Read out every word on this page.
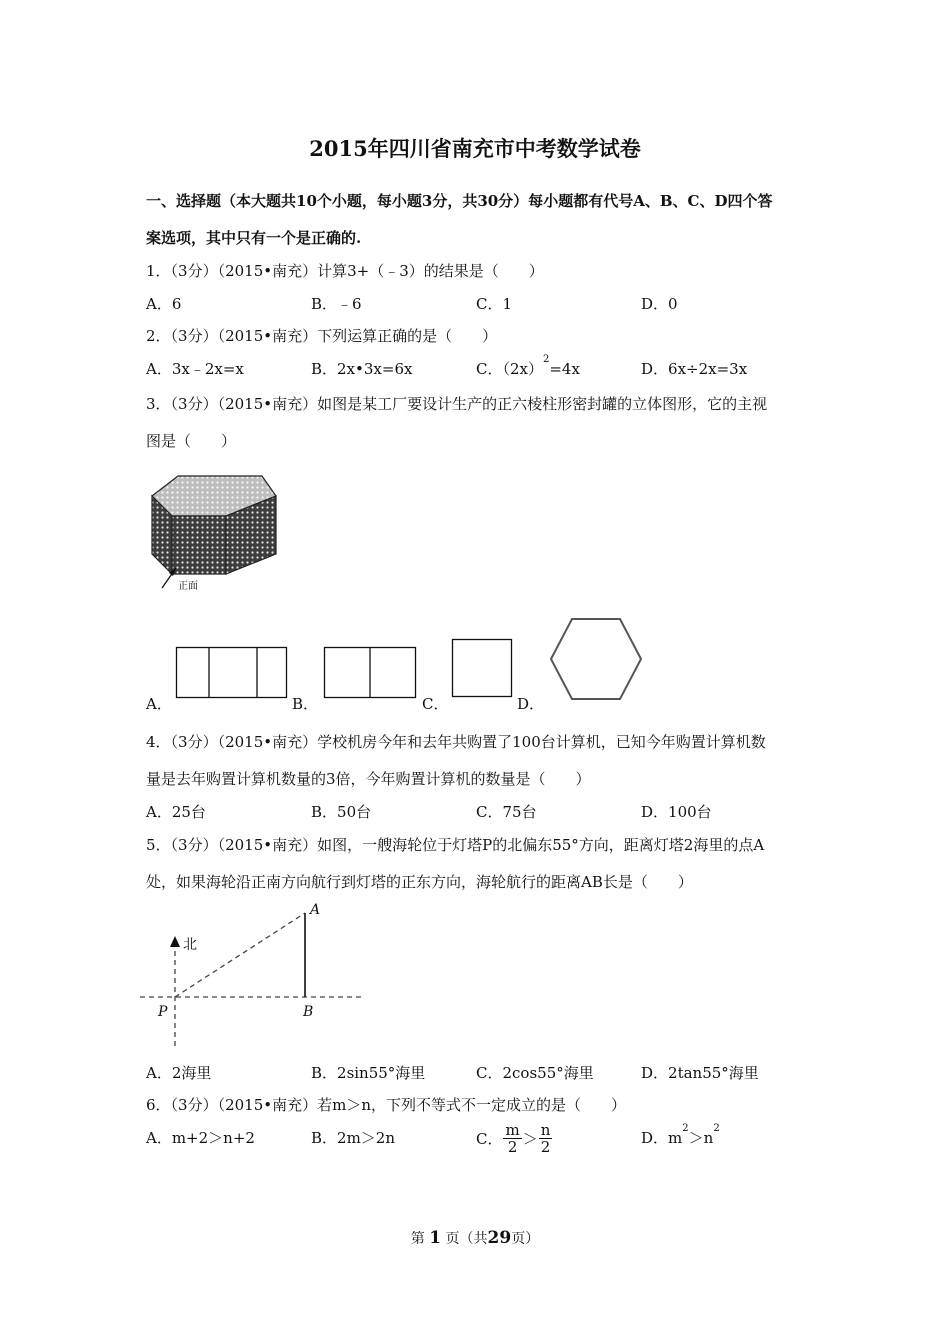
2015年四川省南充市中考数学试卷
一、选择题（本大题共10个小题，每小题3分，共30分）每小题都有代号A、B、C、D四个答
案选项，其中只有一个是正确的.
1．（3分）（2015•南充）计算3+（﹣3）的结果是（　　）
A．6	B．﹣6	C．1	D．0
2．（3分）（2015•南充）下列运算正确的是（　　）
A．3x﹣2x=x	B．2x•3x=6x	C．$(2x)^2=4x$	D．6x÷2x=3x
3．（3分）（2015•南充）如图是某工厂要设计生产的正六棱柱形密封罐的立体图形，它的主视
图是（　　）
正面
A．	B．	C．	D．
4．（3分）（2015•南充）学校机房今年和去年共购置了100台计算机，已知今年购置计算机数
量是去年购置计算机数量的3倍，今年购置计算机的数量是（　　）
A．25台	B．50台	C．75台	D．100台
5．（3分）（2015•南充）如图，一艘海轮位于灯塔P的北偏东55°方向，距离灯塔2海里的点A
处，如果海轮沿正南方向航行到灯塔的正东方向，海轮航行的距离AB长是（　　）
北
A
B
P
A．2海里	B．2sin55°海里	C．2cos55°海里	D．2tan55°海里
6．（3分）（2015•南充）若m＞n，下列不等式不一定成立的是（　　）
A．m+2＞n+2	B．2m＞2n	C． $\frac{m}{2} > \frac{n}{2}$	D．$m^2>n^2$
第 1 页（共29页）
